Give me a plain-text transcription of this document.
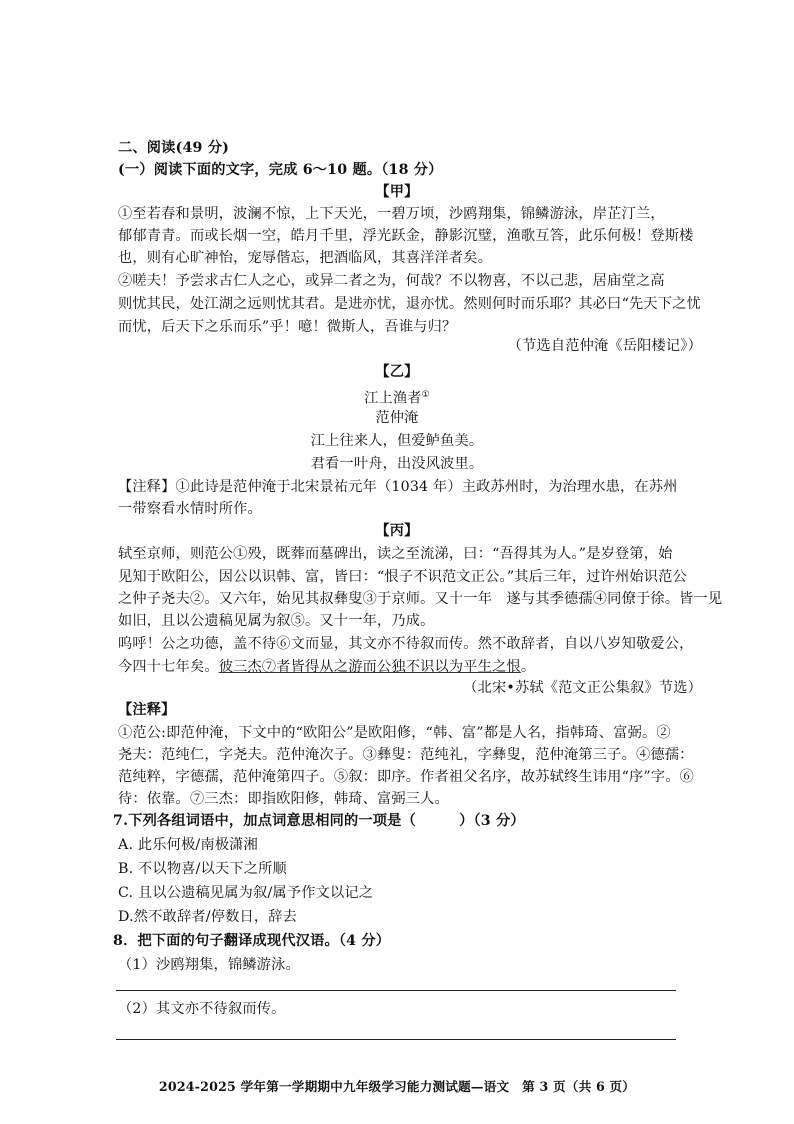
二、阅读(49 分)
(一）阅读下面的文字，完成 6～10 题。（18 分）
【甲】
①至若春和景明，波澜不惊，上下天光，一碧万顷，沙鸥翔集，锦鳞游泳，岸芷汀兰，
郁郁青青。而或长烟一空，皓月千里，浮光跃金，静影沉璧，渔歌互答，此乐何极！登斯楼
也，则有心旷神怡，宠辱偕忘，把酒临风，其喜洋洋者矣。
②嗟夫！予尝求古仁人之心，或异二者之为，何哉？不以物喜，不以己悲，居庙堂之高
则忧其民，处江湖之远则忧其君。是进亦忧，退亦忧。然则何时而乐耶？其必曰“先天下之忧
而忧，后天下之乐而乐”乎！噫！微斯人，吾谁与归？
（节选自范仲淹《岳阳楼记》）
【乙】
江上渔者①
范仲淹
江上往来人，但爱鲈鱼美。
君看一叶舟，出没风波里。
【注释】①此诗是范仲淹于北宋景祐元年（1034 年）主政苏州时，为治理水患，在苏州
一带察看水情时所作。
【丙】
轼至京师，则范公①殁，既葬而墓碑出，读之至流涕，曰：“吾得其为人。”是岁登第，始
见知于欧阳公，因公以识韩、富，皆曰：“恨子不识范文正公。”其后三年，过许州始识范公
之仲子尧夫②。又六年，始见其叔彝叟③于京师。又十一年　遂与其季德孺④同僚于徐。皆一见
如旧，且以公遗稿见属为叙⑤。又十一年，乃成。
呜呼！公之功德，盖不待⑥文而显，其文亦不待叙而传。然不敢辞者，自以八岁知敬爱公，
今四十七年矣。彼三杰⑦者皆得从之游而公独不识以为平生之恨。
（北宋•苏轼《范文正公集叙》节选）
【注释】
①范公:即范仲淹，下文中的“欧阳公”是欧阳修，“韩、富”都是人名，指韩琦、富弼。②
尧夫：范纯仁，字尧夫。范仲淹次子。③彝叟：范纯礼，字彝叟，范仲淹第三子。④德孺：
范纯粹，字德孺，范仲淹第四子。⑤叙：即序。作者祖父名序，故苏轼终生讳用“序”字。⑥
待：依靠。⑦三杰：即指欧阳修，韩琦、富弼三人。
7.下列各组词语中，加点词意思相同的一项是（　　　）（3 分）
A. 此乐何极/南极潇湘
B. 不以物喜/以天下之所顺
C. 且以公遗稿见属为叙/属予作文以记之
D.然不敢辞者/停数日，辞去
8．把下面的句子翻译成现代汉语。（4 分）
（1）沙鸥翔集，锦鳞游泳。
（2）其文亦不待叙而传。
2024-2025 学年第一学期期中九年级学习能力测试题—语文　第 3 页（共 6 页）
